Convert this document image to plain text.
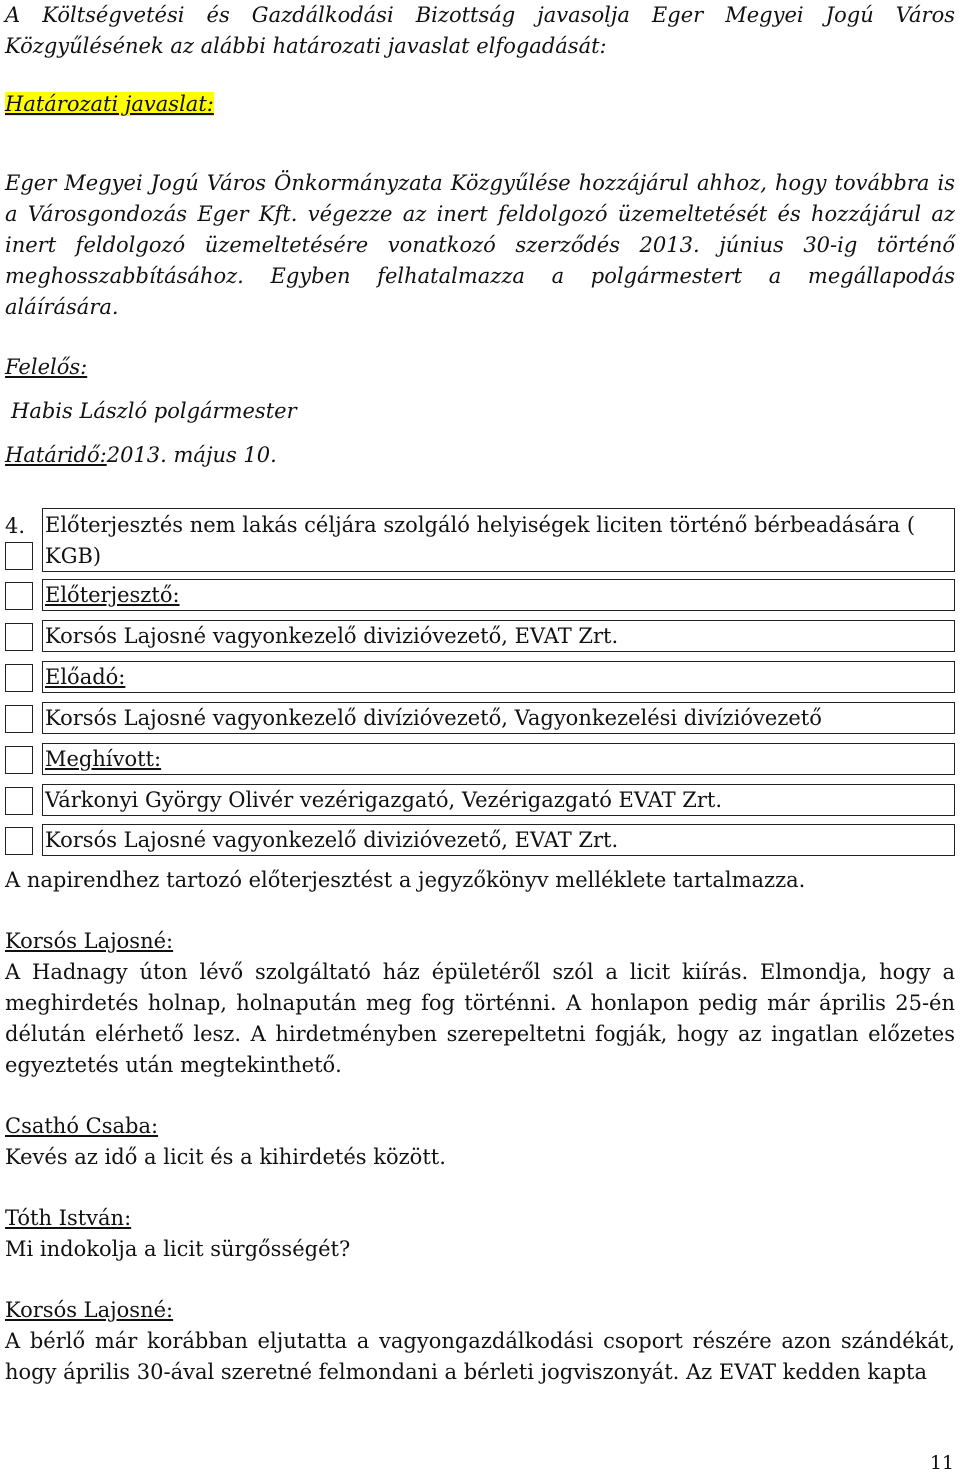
A Költségvetési és Gazdálkodási Bizottság javasolja Eger Megyei Jogú Város Közgyűlésének az alábbi határozati javaslat elfogadását:

Határozati javaslat:

Eger Megyei Jogú Város Önkormányzata Közgyűlése hozzájárul ahhoz, hogy továbbra is a Városgondozás Eger Kft. végezze az inert feldolgozó üzemeltetését és hozzájárul az inert feldolgozó üzemeltetésére vonatkozó szerződés 2013. június 30-ig történő meghosszabbításához. Egyben felhatalmazza a polgármestert a megállapodás aláírására.

Felelős:

Habis László polgármester

Határidő:2013. május 10.

4. Előterjesztés nem lakás céljára szolgáló helyiségek liciten történő bérbeadására ( KGB)

Előterjesztő:

Korsós Lajosné vagyonkezelő divizióvezető, EVAT Zrt.

Előadó:

Korsós Lajosné vagyonkezelő divízióvezető, Vagyonkezelési divízióvezető

Meghívott:

Várkonyi György Olivér vezérigazgató, Vezérigazgató EVAT Zrt.

Korsós Lajosné vagyonkezelő divizióvezető, EVAT Zrt.

A napirendhez tartozó előterjesztést a jegyzőkönyv melléklete tartalmazza.

Korsós Lajosné:

A Hadnagy úton lévő szolgáltató ház épületéről szól a licit kiírás. Elmondja, hogy a meghirdetés holnap, holnapután meg fog történni. A honlapon pedig már április 25-én délután elérhető lesz. A hirdetményben szerepeltetni fogják, hogy az ingatlan előzetes egyeztetés után megtekinthető.

Csathó Csaba:

Kevés az idő a licit és a kihirdetés között.

Tóth István:

Mi indokolja a licit sürgősségét?

Korsós Lajosné:

A bérlő már korábban eljutatta a vagyongazdálkodási csoport részére azon szándékát, hogy április 30-ával szeretné felmondani a bérleti jogviszonyát. Az EVAT kedden kapta

11
